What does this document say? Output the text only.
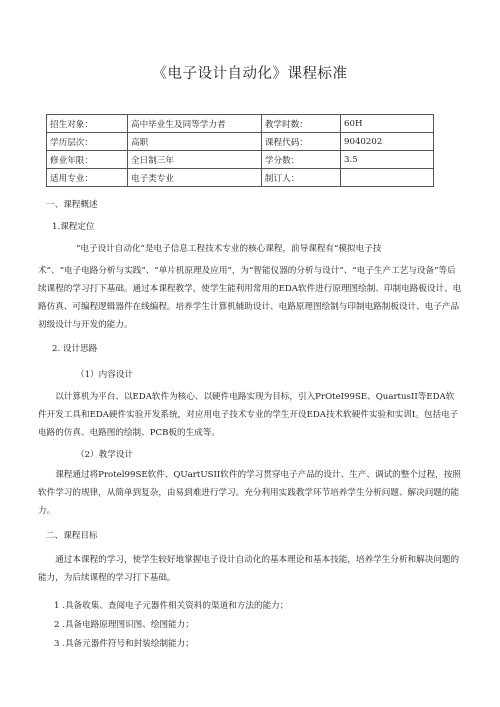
《电子设计自动化》课程标准
招生对象：	高中毕业生及同等学力者	教学时数：	60H
学历层次：	高职	课程代码：	9040202
修业年限：	全日制三年	学分数：	3.5
适用专业：	电子类专业	制订人：	

一、课程概述

1.课程定位

“电子设计自动化”是电子信息工程技术专业的核心课程，前导课程有“模拟电子技

术”、“电子电路分析与实践”、“单片机原理及应用”，为“智能仪器的分析与设计”、“电子生产工艺与设备”等后续课程的学习打下基础。通过本课程教学，使学生能利用常用的EDA软件进行原理图绘制、印制电路板设计、电路仿真、可编程逻辑器件在线编程。培养学生计算机辅助设计、电路原理图绘制与印制电路制板设计、电子产品初级设计与开发的能力。

2. 设计思路

（1）内容设计

以计算机为平台、以EDA软件为核心、以硬件电路实现为目标，引入PrOteI99SE、QuartusII等EDA软件开发工具和EDA硬件实验开发系统，对应用电子技术专业的学生开设EDA技术软硬件实验和实训I。包括电子电路的仿真、电路图的绘制、PCB板的生成等。

（2）教学设计

课程通过将Protel99SE软件、QUartUSII软件的学习贯穿电子产品的设计、生产、调试的整个过程，按照软件学习的规律，从简单到复杂，由易到难进行学习。充分利用实践教学环节培养学生分析问题、解决问题的能力。

二、课程目标

通过本课程的学习，使学生较好地掌握电子设计自动化的基本理论和基本技能，培养学生分析和解决问题的能力，为后续课程的学习打下基础。

1 .具备收集、查阅电子元器件相关资料的渠道和方法的能力；

2 .具备电路原理图识图、绘图能力；

3 .具备元器件符号和封装绘制能力；
